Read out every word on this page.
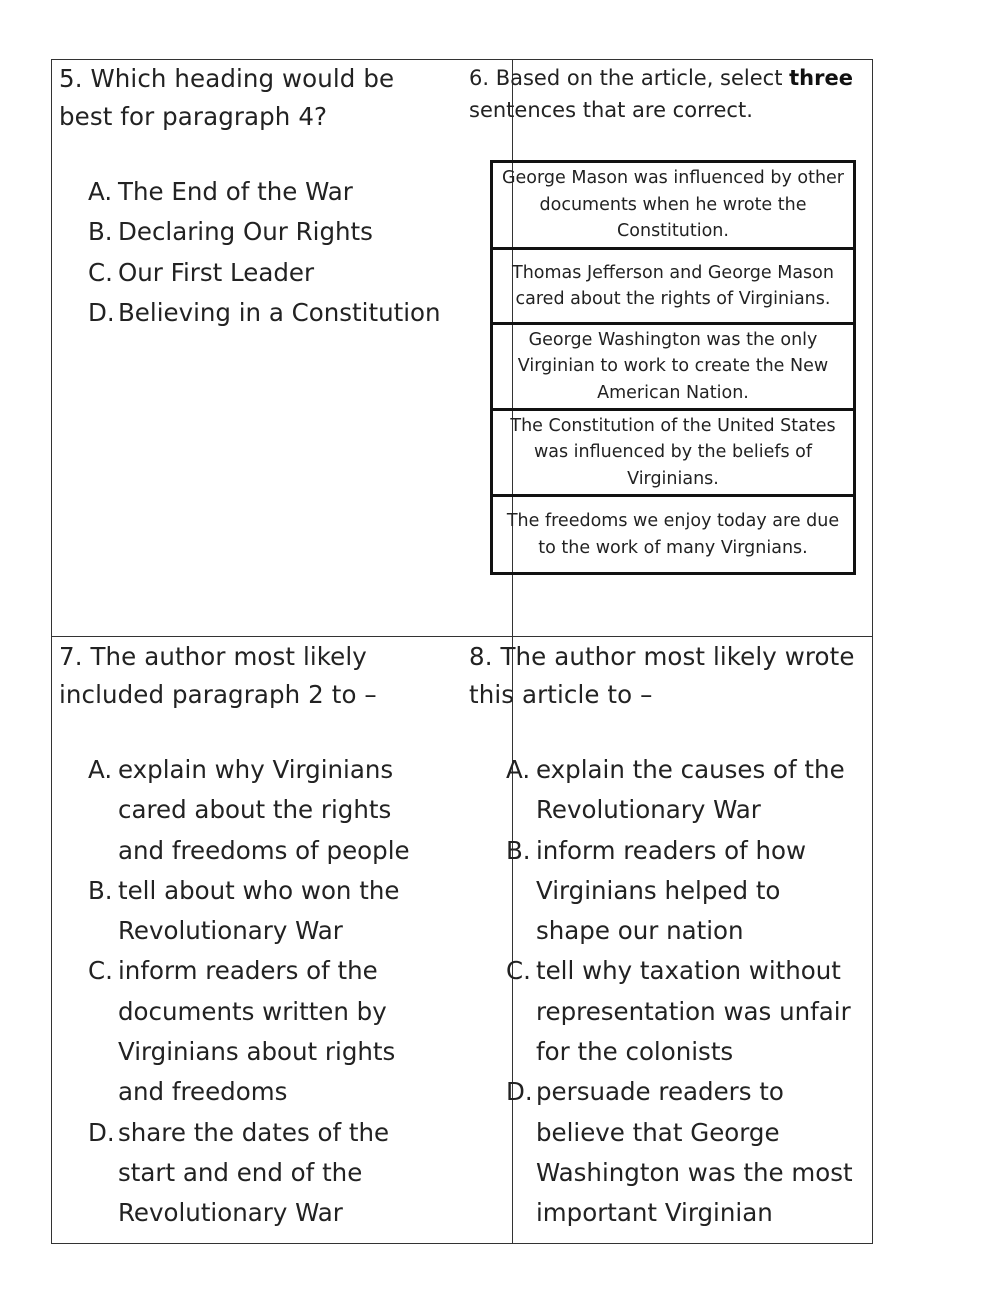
5. Which heading would be best for paragraph 4?
A. The End of the War
B. Declaring Our Rights
C. Our First Leader
D. Believing in a Constitution
6. Based on the article, select three sentences that are correct.
George Mason was influenced by other documents when he wrote the Constitution.
Thomas Jefferson and George Mason cared about the rights of Virginians.
George Washington was the only Virginian to work to create the New American Nation.
The Constitution of the United States was influenced by the beliefs of Virginians.
The freedoms we enjoy today are due to the work of many Virgnians.
7. The author most likely included paragraph 2 to –
A. explain why Virginians cared about the rights and freedoms of people
B. tell about who won the Revolutionary War
C. inform readers of the documents written by Virginians about rights and freedoms
D. share the dates of the start and end of the Revolutionary War
8. The author most likely wrote this article to –
A. explain the causes of the Revolutionary War
B. inform readers of how Virginians helped to shape our nation
C. tell why taxation without representation was unfair for the colonists
D. persuade readers to believe that George Washington was the most important Virginian
